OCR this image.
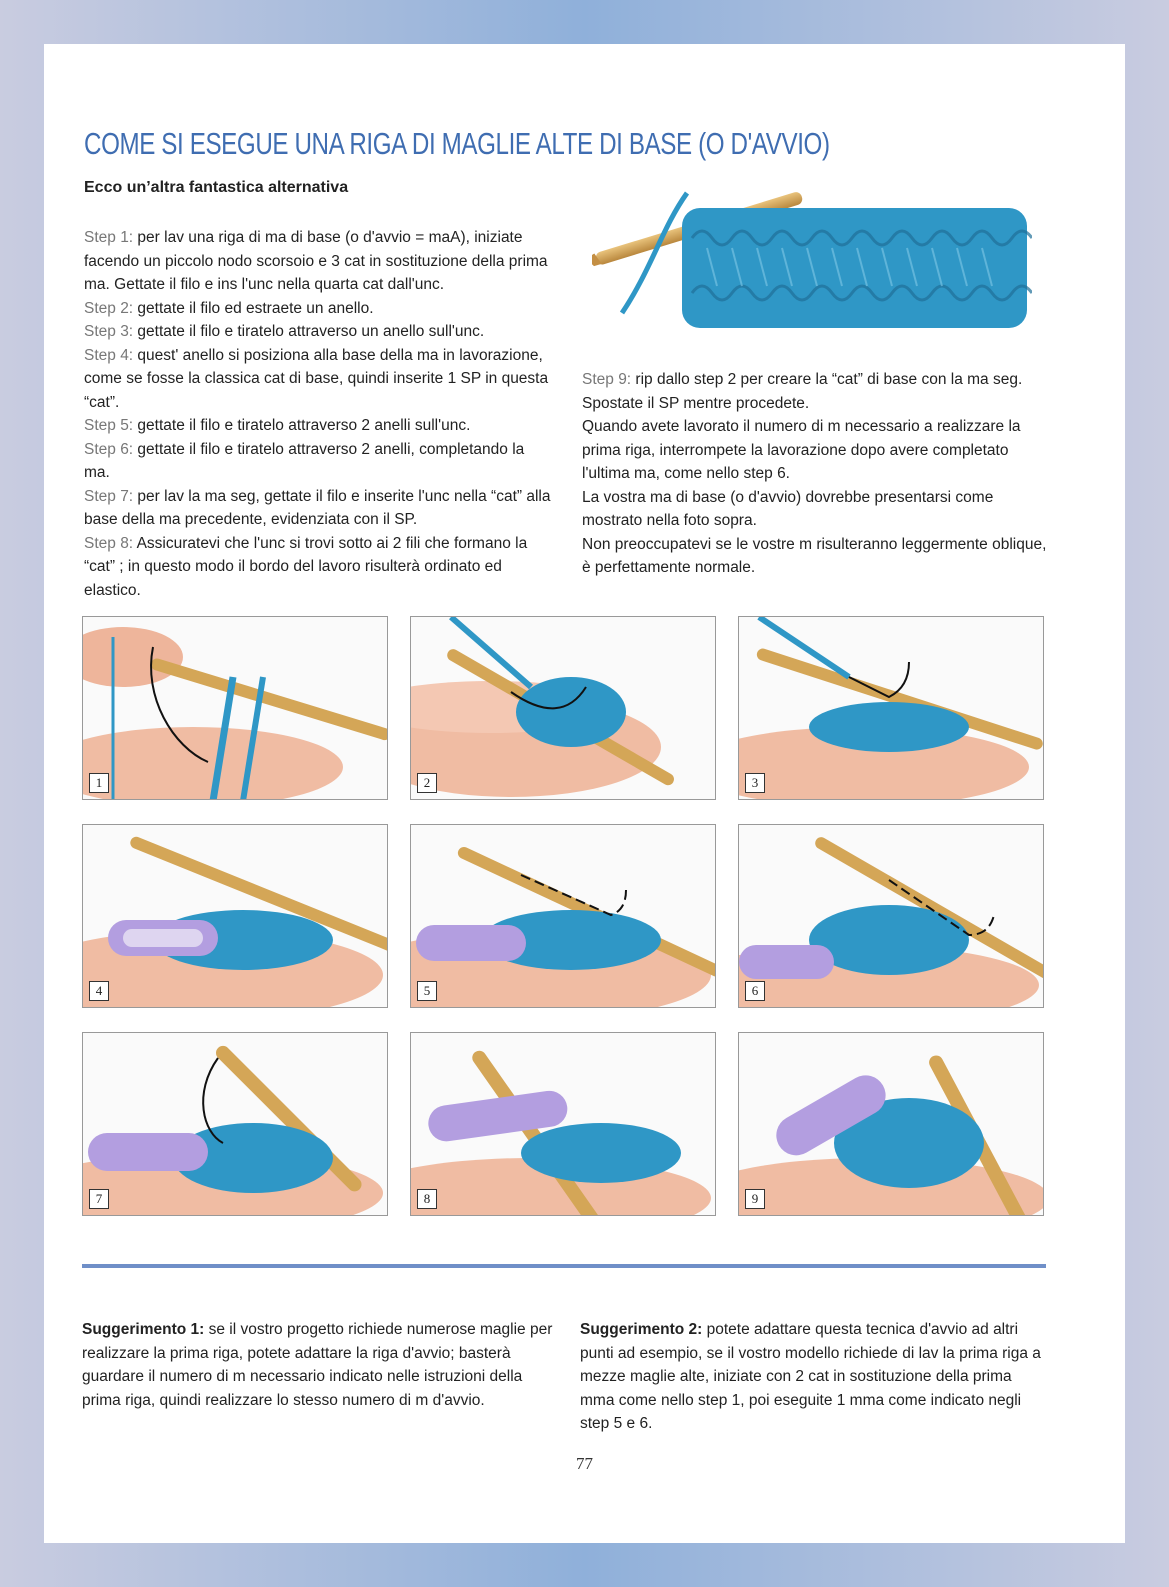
COME SI ESEGUE UNA RIGA DI MAGLIE ALTE DI BASE (O D'AVVIO)
Ecco un’altra fantastica alternativa

Step 1: per lav una riga di ma di base (o d'avvio = maA), iniziate facendo un piccolo nodo scorsoio e 3 cat in sostituzione della prima ma. Gettate il filo e ins l'unc nella quarta cat dall'unc.

Step 2: gettate il filo ed estraete un anello.

Step 3: gettate il filo e tiratelo attraverso un anello sull'unc.

Step 4: quest' anello si posiziona alla base della ma in lavorazione, come se fosse la classica cat di base, quindi inserite 1 SP in questa “cat”.

Step 5: gettate il filo e tiratelo attraverso 2 anelli sull'unc.

Step 6: gettate il filo e tiratelo attraverso 2 anelli, completando la ma.

Step 7: per lav la ma seg, gettate il filo e inserite l'unc nella “cat” alla base della ma precedente, evidenziata con il SP.

Step 8: Assicuratevi che l'unc si trovi sotto ai 2 fili che formano la “cat” ; in questo modo il bordo del lavoro risulterà ordinato ed elastico.

Step 9: rip dallo step 2 per creare la “cat” di base con la ma seg. Spostate il SP mentre procedete.

Quando avete lavorato il numero di m necessario a realizzare la prima riga, interrompete la lavorazione dopo avere completato l'ultima ma, come nello step 6.

La vostra ma di base (o d'avvio) dovrebbe presentarsi come mostrato nella foto sopra.

Non preoccupatevi se le vostre m risulteranno leggermente oblique, è perfettamente normale.

1	2	3
4	5	6
7	8	9

Suggerimento 1: se il vostro progetto richiede numerose maglie per realizzare la prima riga, potete adattare la riga d'avvio; basterà guardare il numero di m necessario indicato nelle istruzioni della prima riga, quindi realizzare lo stesso numero di m d'avvio.

Suggerimento 2: potete adattare questa tecnica d'avvio ad altri punti ad esempio, se il vostro modello richiede di lav la prima riga a mezze maglie alte, iniziate con 2 cat in sostituzione della prima mma come nello step 1, poi eseguite 1 mma come indicato negli step 5 e 6.

77
